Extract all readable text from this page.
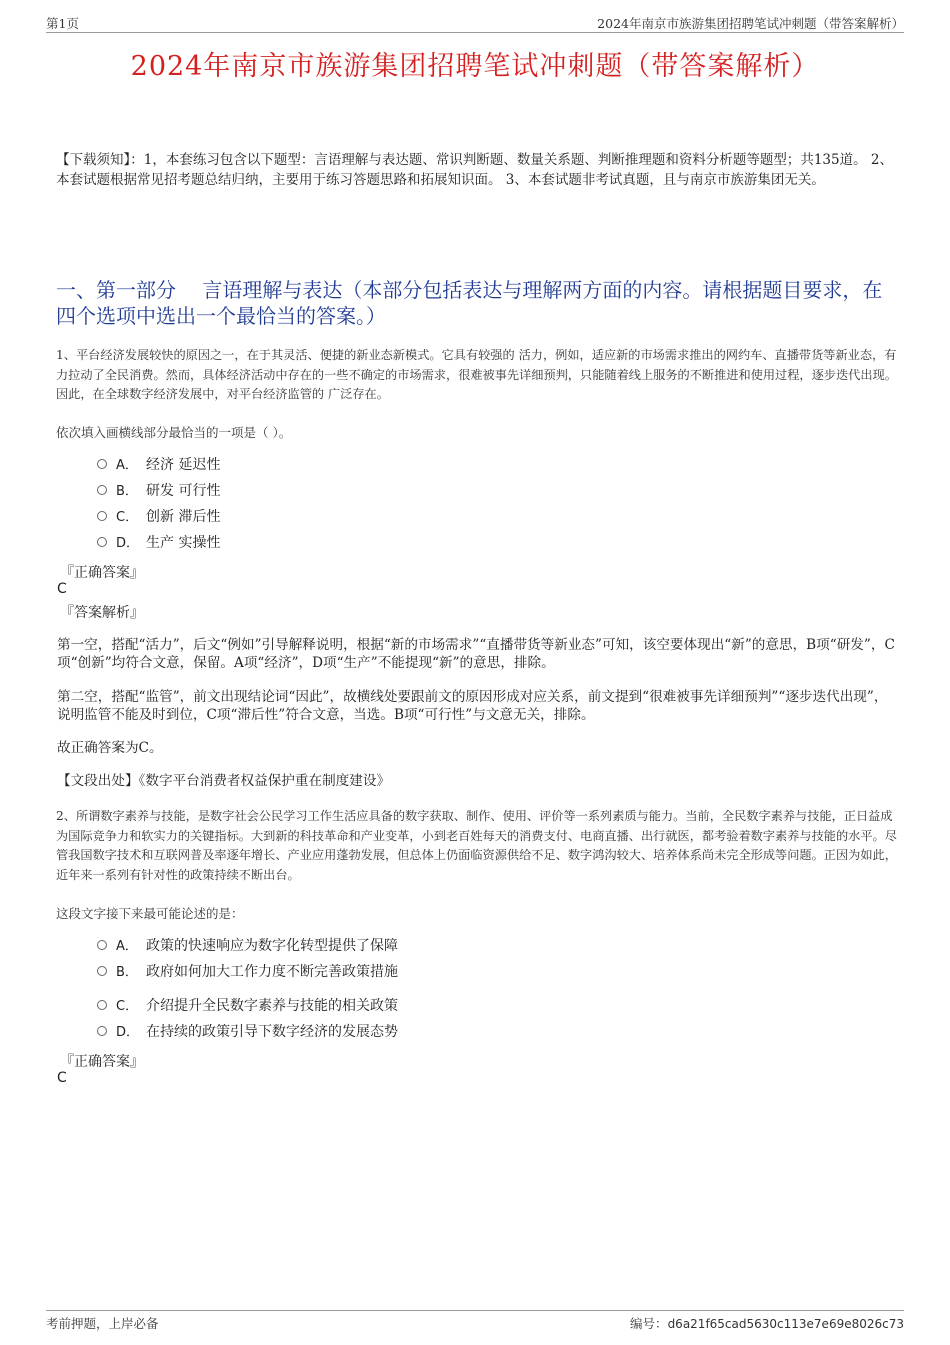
第1页	2024年南京市族游集团招聘笔试冲刺题（带答案解析）
2024年南京市族游集团招聘笔试冲刺题（带答案解析）
【下载须知】：1，本套练习包含以下题型：言语理解与表达题、常识判断题、数量关系题、判断推理题和资料分析题等题型；共135道。 2、本套试题根据常见招考题总结归纳，主要用于练习答题思路和拓展知识面。 3、本套试题非考试真题，且与南京市族游集团无关。
一、第一部分　 言语理解与表达（本部分包括表达与理解两方面的内容。请根据题目要求，在四个选项中选出一个最恰当的答案。）
1、平台经济发展较快的原因之一，在于其灵活、便捷的新业态新模式。它具有较强的 活力，例如，适应新的市场需求推出的网约车、直播带货等新业态，有力拉动了全民消费。然而，具体经济活动中存在的一些不确定的市场需求，很难被事先详细预判，只能随着线上服务的不断推进和使用过程，逐步迭代出现。因此，在全球数字经济发展中，对平台经济监管的 广泛存在。
依次填入画横线部分最恰当的一项是（ ）。
A． 经济 延迟性
B． 研发 可行性
C． 创新 滞后性
D． 生产 实操性
『正确答案』
C
『答案解析』
第一空，搭配“活力”，后文“例如”引导解释说明，根据“新的市场需求”“直播带货等新业态”可知，该空要体现出“新”的意思，B项“研发”，C项“创新”均符合文意，保留。A项“经济”，D项“生产”不能提现“新”的意思，排除。
第二空，搭配“监管”，前文出现结论词“因此”，故横线处要跟前文的原因形成对应关系，前文提到“很难被事先详细预判”“逐步迭代出现”，说明监管不能及时到位，C项“滞后性”符合文意，当选。B项“可行性”与文意无关，排除。
故正确答案为C。
【文段出处】《数字平台消费者权益保护重在制度建设》
2、所谓数字素养与技能，是数字社会公民学习工作生活应具备的数字获取、制作、使用、评价等一系列素质与能力。当前，全民数字素养与技能，正日益成为国际竞争力和软实力的关键指标。大到新的科技革命和产业变革，小到老百姓每天的消费支付、电商直播、出行就医，都考验着数字素养与技能的水平。尽管我国数字技术和互联网普及率逐年增长、产业应用蓬勃发展，但总体上仍面临资源供给不足、数字鸿沟较大、培养体系尚未完全形成等问题。正因为如此，近年来一系列有针对性的政策持续不断出台。
这段文字接下来最可能论述的是：
A． 政策的快速响应为数字化转型提供了保障
B． 政府如何加大工作力度不断完善政策措施
C． 介绍提升全民数字素养与技能的相关政策
D． 在持续的政策引导下数字经济的发展态势
『正确答案』
C
考前押题，上岸必备	编号：d6a21f65cad5630c113e7e69e8026c73
